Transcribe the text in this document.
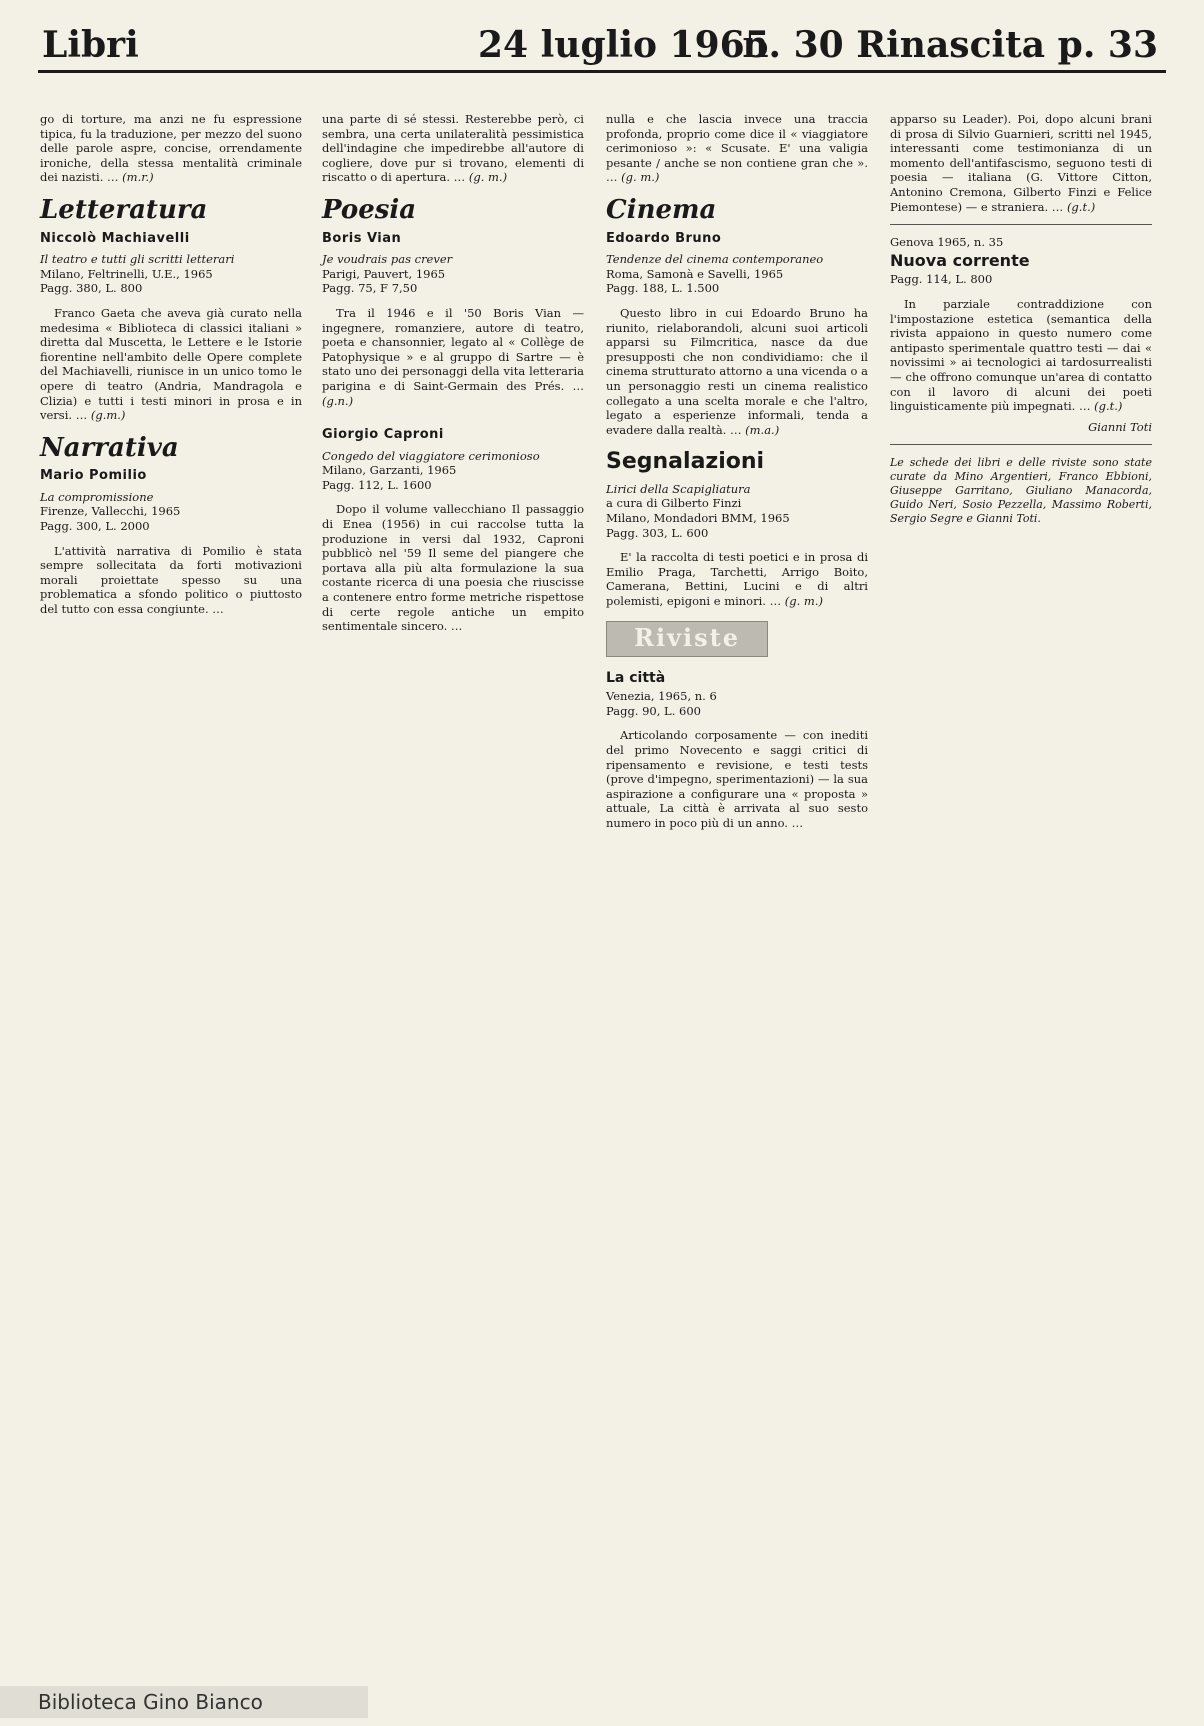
Libri	24 luglio 1965
n. 30 Rinascita p. 33

go di torture, ma anzi ne fu espressione tipica, fu la traduzione, per mezzo del suono delle parole aspre, concise, orrendamente ironiche, della stessa mentalità criminale dei nazisti. … (m.r.)

Letteratura
Niccolò Machiavelli

Il teatro e tutti gli scritti letterari

Milano, Feltrinelli, U.E., 1965

Pagg. 380, L. 800

Franco Gaeta che aveva già curato nella medesima « Biblioteca di classici italiani » diretta dal Muscetta, le Lettere e le Istorie fiorentine nell'ambito delle Opere complete del Machiavelli, riunisce in un unico tomo le opere di teatro (Andria, Mandragola e Clizia) e tutti i testi minori in prosa e in versi. … (g.m.)

Narrativa
Mario Pomilio

La compromissione

Firenze, Vallecchi, 1965

Pagg. 300, L. 2000

L'attività narrativa di Pomilio è stata sempre sollecitata da forti motivazioni morali proiettate spesso su una problematica a sfondo politico o piuttosto del tutto con essa congiunte. …

una parte di sé stessi. Resterebbe però, ci sembra, una certa unilateralità pessimistica dell'indagine che impedirebbe all'autore di cogliere, dove pur si trovano, elementi di riscatto o di apertura. … (g. m.)

Poesia
Boris Vian

Je voudrais pas crever

Parigi, Pauvert, 1965

Pagg. 75, F 7,50

Tra il 1946 e il '50 Boris Vian — ingegnere, romanziere, autore di teatro, poeta e chansonnier, legato al « Collège de Patophysique » e al gruppo di Sartre — è stato uno dei personaggi della vita letteraria parigina e di Saint-Germain des Prés. … (g.n.)

Giorgio Caproni

Congedo del viaggiatore cerimonioso

Milano, Garzanti, 1965

Pagg. 112, L. 1600

Dopo il volume vallecchiano Il passaggio di Enea (1956) in cui raccolse tutta la produzione in versi dal 1932, Caproni pubblicò nel '59 Il seme del piangere che portava alla più alta formulazione la sua costante ricerca di una poesia che riuscisse a contenere entro forme metriche rispettose di certe regole antiche un empito sentimentale sincero. …

nulla e che lascia invece una traccia profonda, proprio come dice il « viaggiatore cerimonioso »: « Scusate. E' una valigia pesante / anche se non contiene gran che ». … (g. m.)

Cinema
Edoardo Bruno

Tendenze del cinema contemporaneo

Roma, Samonà e Savelli, 1965

Pagg. 188, L. 1.500

Questo libro in cui Edoardo Bruno ha riunito, rielaborandoli, alcuni suoi articoli apparsi su Filmcritica, nasce da due presupposti che non condividiamo: che il cinema strutturato attorno a una vicenda o a un personaggio resti un cinema realistico collegato a una scelta morale e che l'altro, legato a esperienze informali, tenda a evadere dalla realtà. … (m.a.)

Segnalazioni

Lirici della Scapigliatura

a cura di Gilberto Finzi

Milano, Mondadori BMM, 1965

Pagg. 303, L. 600

E' la raccolta di testi poetici e in prosa di Emilio Praga, Tarchetti, Arrigo Boito, Camerana, Bettini, Lucini e di altri polemisti, epigoni e minori. … (g. m.)

Riviste
La città

Venezia, 1965, n. 6

Pagg. 90, L. 600

Articolando corposamente — con inediti del primo Novecento e saggi critici di ripensamento e revisione, e testi tests (prove d'impegno, sperimentazioni) — la sua aspirazione a configurare una « proposta » attuale, La città è arrivata al suo sesto numero in poco più di un anno. …

apparso su Leader). Poi, dopo alcuni brani di prosa di Silvio Guarnieri, scritti nel 1945, interessanti come testimonianza di un momento dell'antifascismo, seguono testi di poesia — italiana (G. Vittore Citton, Antonino Cremona, Gilberto Finzi e Felice Piemontese) — e straniera. … (g.t.)

Genova 1965, n. 35

Nuova corrente

Pagg. 114, L. 800

In parziale contraddizione con l'impostazione estetica (semantica della rivista appaiono in questo numero come antipasto sperimentale quattro testi — dai « novissimi » ai tecnologici ai tardosurrealisti — che offrono comunque un'area di contatto con il lavoro di alcuni dei poeti linguisticamente più impegnati. … (g.t.)

Gianni Toti

Le schede dei libri e delle riviste sono state curate da Mino Argentieri, Franco Ebbioni, Giuseppe Garritano, Giuliano Manacorda, Guido Neri, Sosio Pezzella, Massimo Roberti, Sergio Segre e Gianni Toti.

Biblioteca Gino Bianco
